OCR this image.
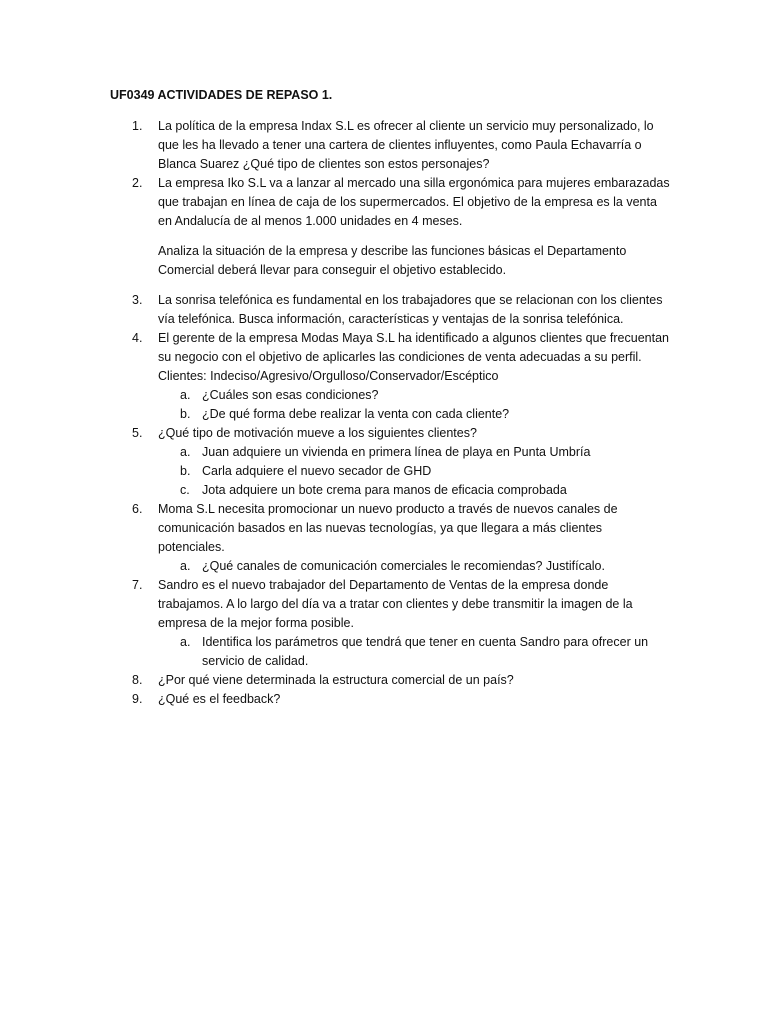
UF0349 ACTIVIDADES DE REPASO 1.
1. La política de la empresa Indax S.L es ofrecer al cliente un servicio muy personalizado, lo que les ha llevado a tener una cartera de clientes influyentes, como Paula Echavarría o Blanca Suarez ¿Qué tipo de clientes son estos personajes?

2. La empresa Iko S.L va a lanzar al mercado una silla ergonómica para mujeres embarazadas que trabajan en línea de caja de los supermercados. El objetivo de la empresa es la venta en Andalucía de al menos 1.000 unidades en 4 meses.

Analiza la situación de la empresa y describe las funciones básicas el Departamento Comercial deberá llevar para conseguir el objetivo establecido.

3. La sonrisa telefónica es fundamental en los trabajadores que se relacionan con los clientes vía telefónica. Busca información, características y ventajas de la sonrisa telefónica.

4. El gerente de la empresa Modas Maya S.L ha identificado a algunos clientes que frecuentan su negocio con el objetivo de aplicarles las condiciones de venta adecuadas a su perfil.

Clientes: Indeciso/Agresivo/Orgulloso/Conservador/Escéptico

a. ¿Cuáles son esas condiciones?

b. ¿De qué forma debe realizar la venta con cada cliente?

5. ¿Qué tipo de motivación mueve a los siguientes clientes?

a. Juan adquiere un vivienda en primera línea de playa en Punta Umbría

b. Carla adquiere el nuevo secador de GHD

c. Jota adquiere un bote crema para manos de eficacia comprobada

6. Moma S.L necesita promocionar un nuevo producto a través de nuevos canales de comunicación basados en las nuevas tecnologías, ya que llegara a más clientes potenciales.

a. ¿Qué canales de comunicación comerciales le recomiendas? Justifícalo.

7. Sandro es el nuevo trabajador del Departamento de Ventas de la empresa donde trabajamos. A lo largo del día va a tratar con clientes y debe transmitir la imagen de la empresa de la mejor forma posible.

a. Identifica los parámetros que tendrá que tener en cuenta Sandro para ofrecer un servicio de calidad.

8. ¿Por qué viene determinada la estructura comercial de un país?

9. ¿Qué es el feedback?
